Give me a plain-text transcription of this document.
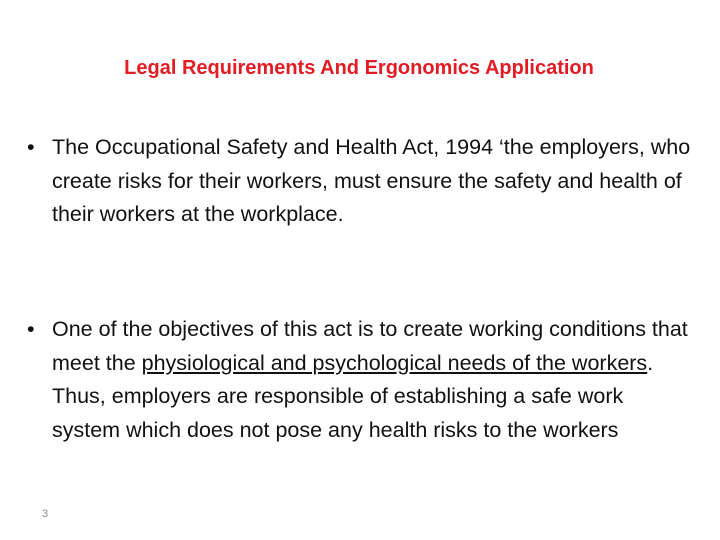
Legal Requirements And Ergonomics Application
• The Occupational Safety and Health Act, 1994 ‘the employers, who create risks for their workers, must ensure the safety and health of their workers at the workplace.
• One of the objectives of this act is to create working conditions that meet the physiological and psychological needs of the workers. Thus, employers are responsible of establishing a safe work system which does not pose any health risks to the workers
3
